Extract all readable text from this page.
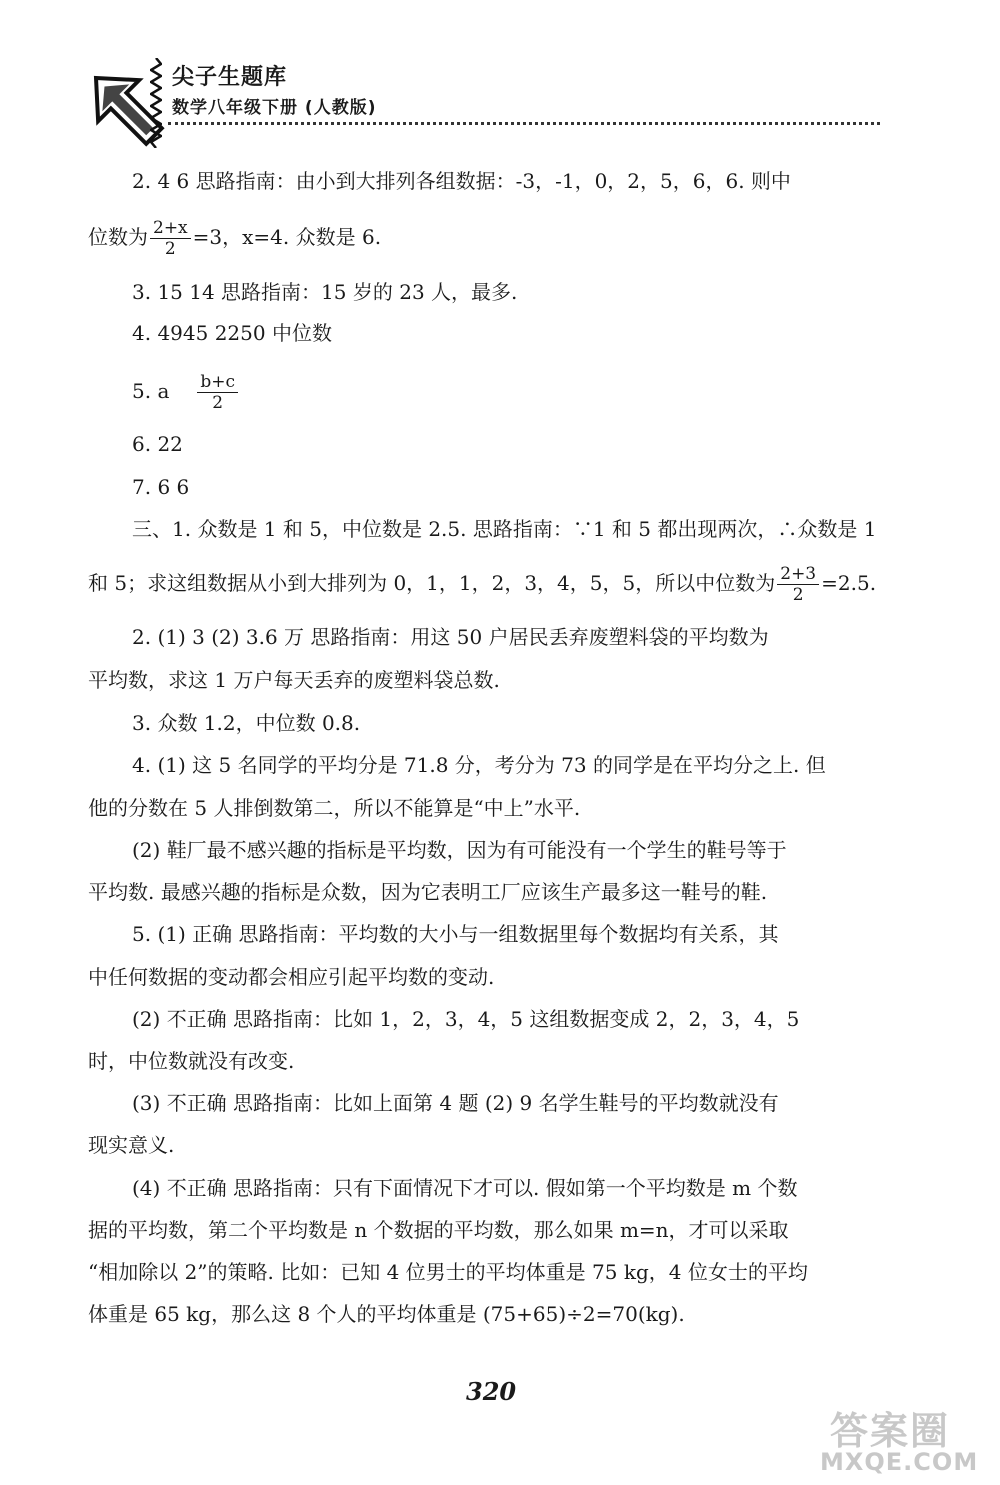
尖子生题库
数学八年级下册 (人教版)
2. 4 6 思路指南：由小到大排列各组数据：-3，-1，0，2，5，6，6. 则中
位数为 $\frac{2+x}{2} =3$，x=4. 众数是 6.
3. 15 14 思路指南：15 岁的 23 人，最多.
4. 4945 2250 中位数
5. a $\frac{b+c}{2}$
6. 22
7. 6 6
三、1. 众数是 1 和 5，中位数是 2.5. 思路指南：∵1 和 5 都出现两次，∴众数是 1
和 5；求这组数据从小到大排列为 0，1，1，2，3，4，5，5，所以中位数为 $\frac{2+3}{2} =2.5$.
2. (1) 3 (2) 3.6 万 思路指南：用这 50 户居民丢弃废塑料袋的平均数为
平均数，求这 1 万户每天丢弃的废塑料袋总数.
3. 众数 1.2，中位数 0.8.
4. (1) 这 5 名同学的平均分是 71.8 分，考分为 73 的同学是在平均分之上. 但
他的分数在 5 人排倒数第二，所以不能算是“中上”水平.
(2) 鞋厂最不感兴趣的指标是平均数，因为有可能没有一个学生的鞋号等于
平均数. 最感兴趣的指标是众数，因为它表明工厂应该生产最多这一鞋号的鞋.
5. (1) 正确 思路指南：平均数的大小与一组数据里每个数据均有关系，其
中任何数据的变动都会相应引起平均数的变动.
(2) 不正确 思路指南：比如 1，2，3，4，5 这组数据变成 2，2，3，4，5
时，中位数就没有改变.
(3) 不正确 思路指南：比如上面第 4 题 (2) 9 名学生鞋号的平均数就没有
现实意义.
(4) 不正确 思路指南：只有下面情况下才可以. 假如第一个平均数是 m 个数
据的平均数，第二个平均数是 n 个数据的平均数，那么如果 m=n，才可以采取
“相加除以 2”的策略. 比如：已知 4 位男士的平均体重是 75 kg，4 位女士的平均
体重是 65 kg，那么这 8 个人的平均体重是 (75+65)÷2=70(kg).
320
答案圈
MXQE.COM
